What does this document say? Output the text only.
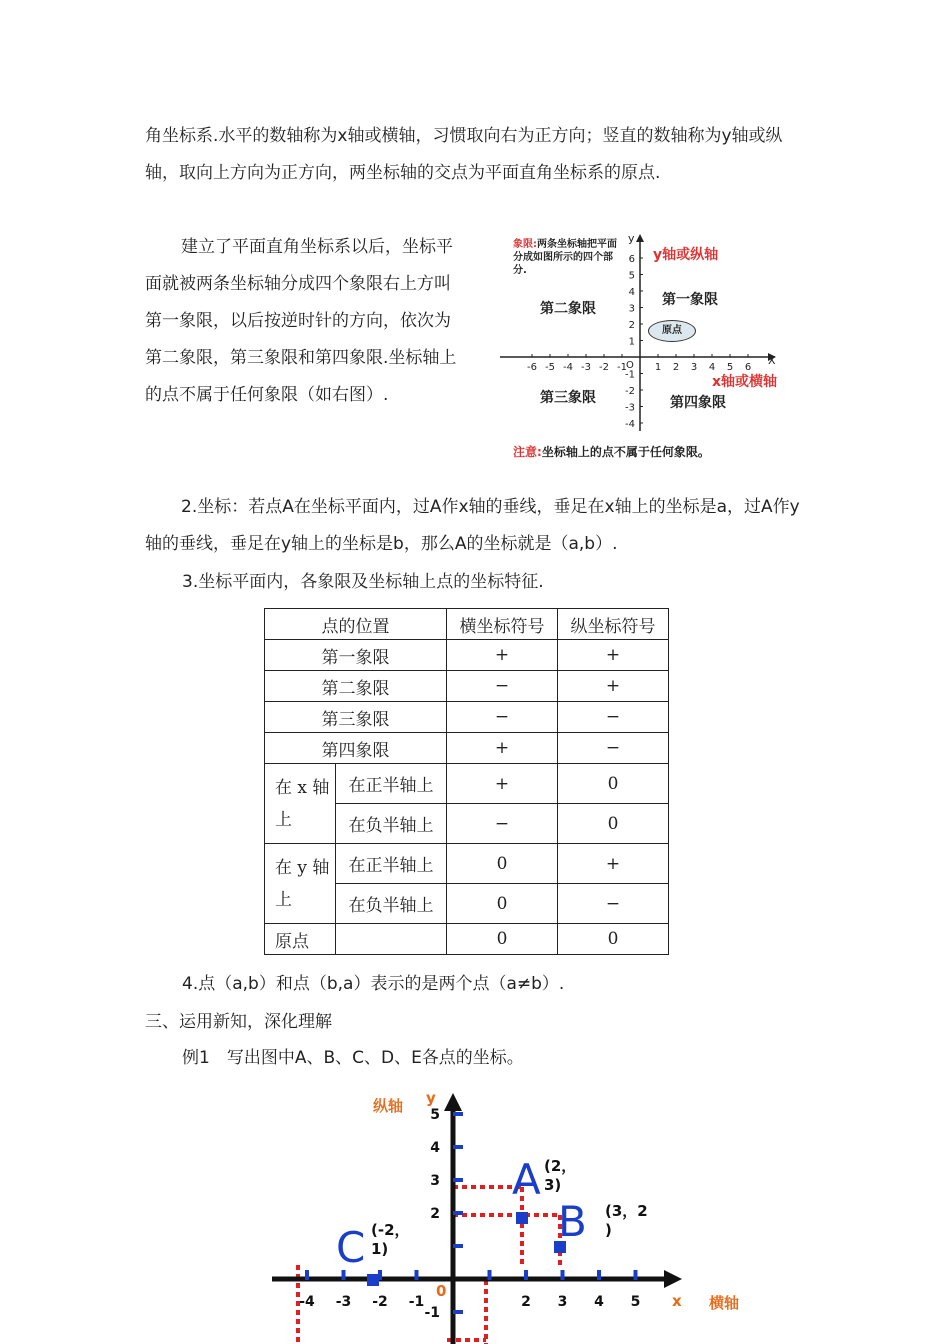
角坐标系.水平的数轴称为x轴或横轴，习惯取向右为正方向；竖直的数轴称为y轴或纵轴，取向上方向为正方向，两坐标轴的交点为平面直角坐标系的原点.

建立了平面直角坐标系以后，坐标平面就被两条坐标轴分成四个象限右上方叫第一象限，以后按逆时针的方向，依次为第二象限，第三象限和第四象限.坐标轴上的点不属于任何象限（如右图）.

-6 -5 -4 -3 -2 -1	1 2 3 4 5 6
6
5
4
3
2
1
-1
-2
-3
-4
X
y
O
象限:两条坐标轴把平面分成如图所示的四个部分.
y轴或纵轴
x轴或横轴
第一象限
第二象限
第三象限	第四象限
原点
注意:坐标轴上的点不属于任何象限。

2.坐标：若点A在坐标平面内，过A作x轴的垂线，垂足在x轴上的坐标是a，过A作y轴的垂线，垂足在y轴上的坐标是b，那么A的坐标就是（a,b）.

3.坐标平面内，各象限及坐标轴上点的坐标特征.

点的位置		横坐标符号	纵坐标符号
第一象限		+	+
第二象限		−	+
第三象限		−	−
第四象限		+	−
在 x 轴上	在正半轴上	+	0
	在负半轴上	−	0
在 y 轴上	在正半轴上	0	+
	在负半轴上	0	−
原点		0	0

4.点（a,b）和点（b,a）表示的是两个点（a≠b）.

三、运用新知，深化理解

例1　写出图中A、B、C、D、E各点的坐标。

-4 -3 -2 -1	2 3 4 5
5
4
3
2
-1
纵轴 y
横轴
x
0
A (2，
3)
B (3，2
)
C (-2，
1)
